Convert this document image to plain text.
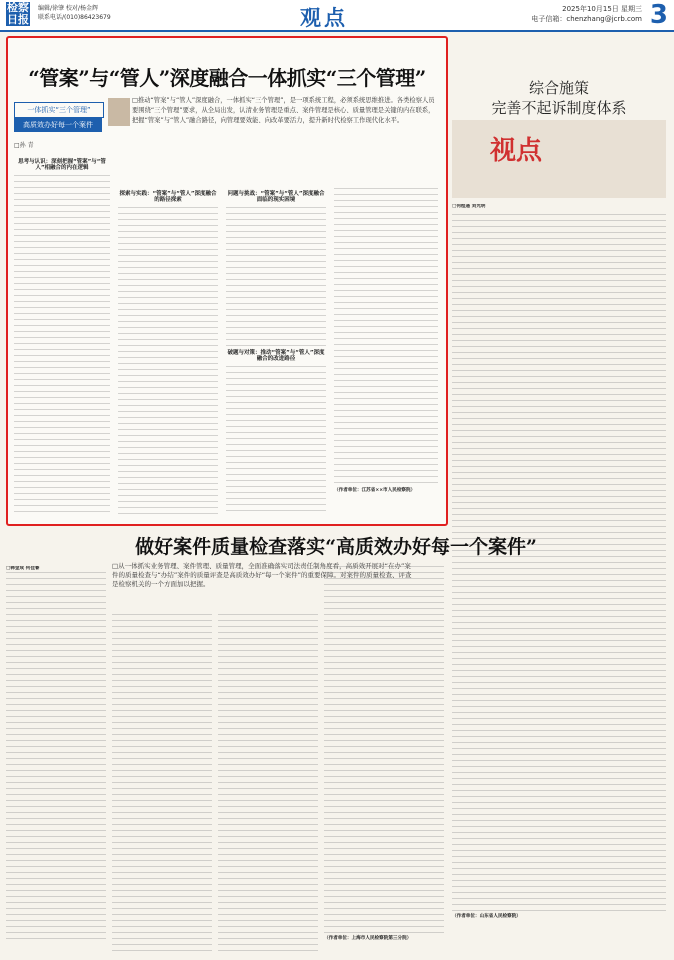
检察日报
编辑/徐肇 校对/杨金辉
联系电话/(010)86423679	观点	2025年10月15日 星期三
电子信箱：chenzhang@jcrb.com 3
“管案”与“管人”深度融合一体抓实“三个管理”
一体抓实“三个管理”
高质效办好每一个案件
□孙 青
□推动“管案”与“管人”深度融合，一体抓实“三个管理”，是一项系统工程，必须系统思维推进。各类检察人员要围绕“三个管理”要求，从全局出发，认清业务管理是重点、案件管理是核心、质量管理是关键的内在联系，把握“管案”与“管人”融合路径，向管理要效能、向改革要活力，提升新时代检察工作现代化水平。
思考与认识：深刻把握“管案”与“管人”相融合的内在逻辑
探索与实践：“管案”与“管人”深度融合的路径探索
问题与挑战：“管案”与“管人”深度融合面临的现实困境
破题与对策：推动“管案”与“管人”深度融合的改进路径
（作者单位：江苏省××市人民检察院）
综合施策
完善不起诉制度体系
视点
□何程遥 刘光明
（作者单位：山东省人民检察院）
做好案件质量检查落实“高质效办好每一个案件”
□从一体抓实业务管理、案件管理、质量管理，全面准确落实司法责任制角度看，高质效开展对“在办”案件的质量检查与“办结”案件的质量评查是高质效办好“每一个案件”的重要保障。对案件的质量检查、评查是检察机关的一个方面加以把握。
□韩金成 何佳睿
（作者单位：上海市人民检察院第三分院）
